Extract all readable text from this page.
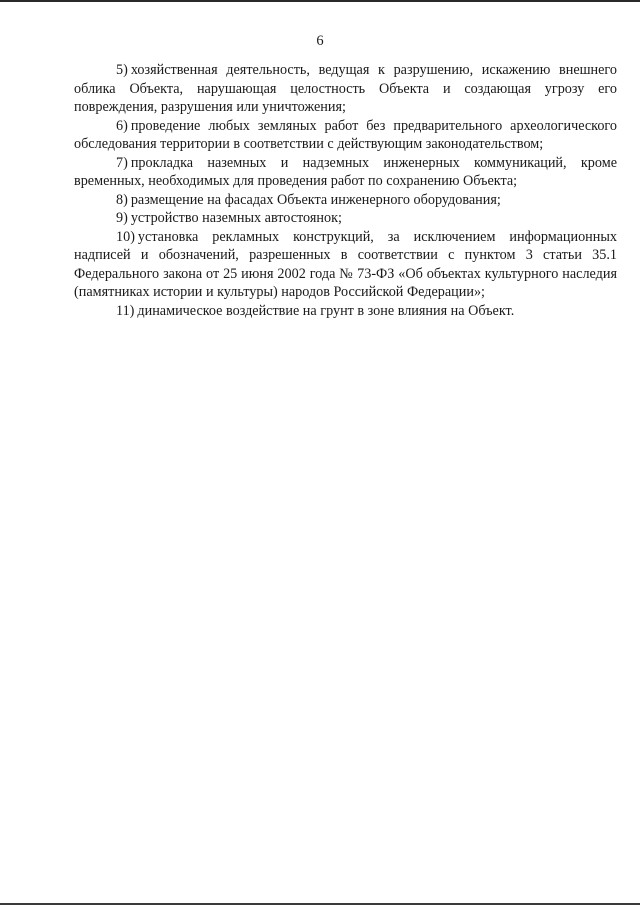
6

5) хозяйственная деятельность, ведущая к разрушению, искажению внешнего облика Объекта, нарушающая целостность Объекта и создающая угрозу его повреждения, разрушения или уничтожения;

6) проведение любых земляных работ без предварительного археологического обследования территории в соответствии с действующим законодательством;

7) прокладка наземных и надземных инженерных коммуникаций, кроме временных, необходимых для проведения работ по сохранению Объекта;

8) размещение на фасадах Объекта инженерного оборудования;

9) устройство наземных автостоянок;

10) установка рекламных конструкций, за исключением информационных надписей и обозначений, разрешенных в соответствии с пунктом 3 статьи 35.1 Федерального закона от 25 июня 2002 года № 73-ФЗ «Об объектах культурного наследия (памятниках истории и культуры) народов Российской Федерации»;

11) динамическое воздействие на грунт в зоне влияния на Объект.
